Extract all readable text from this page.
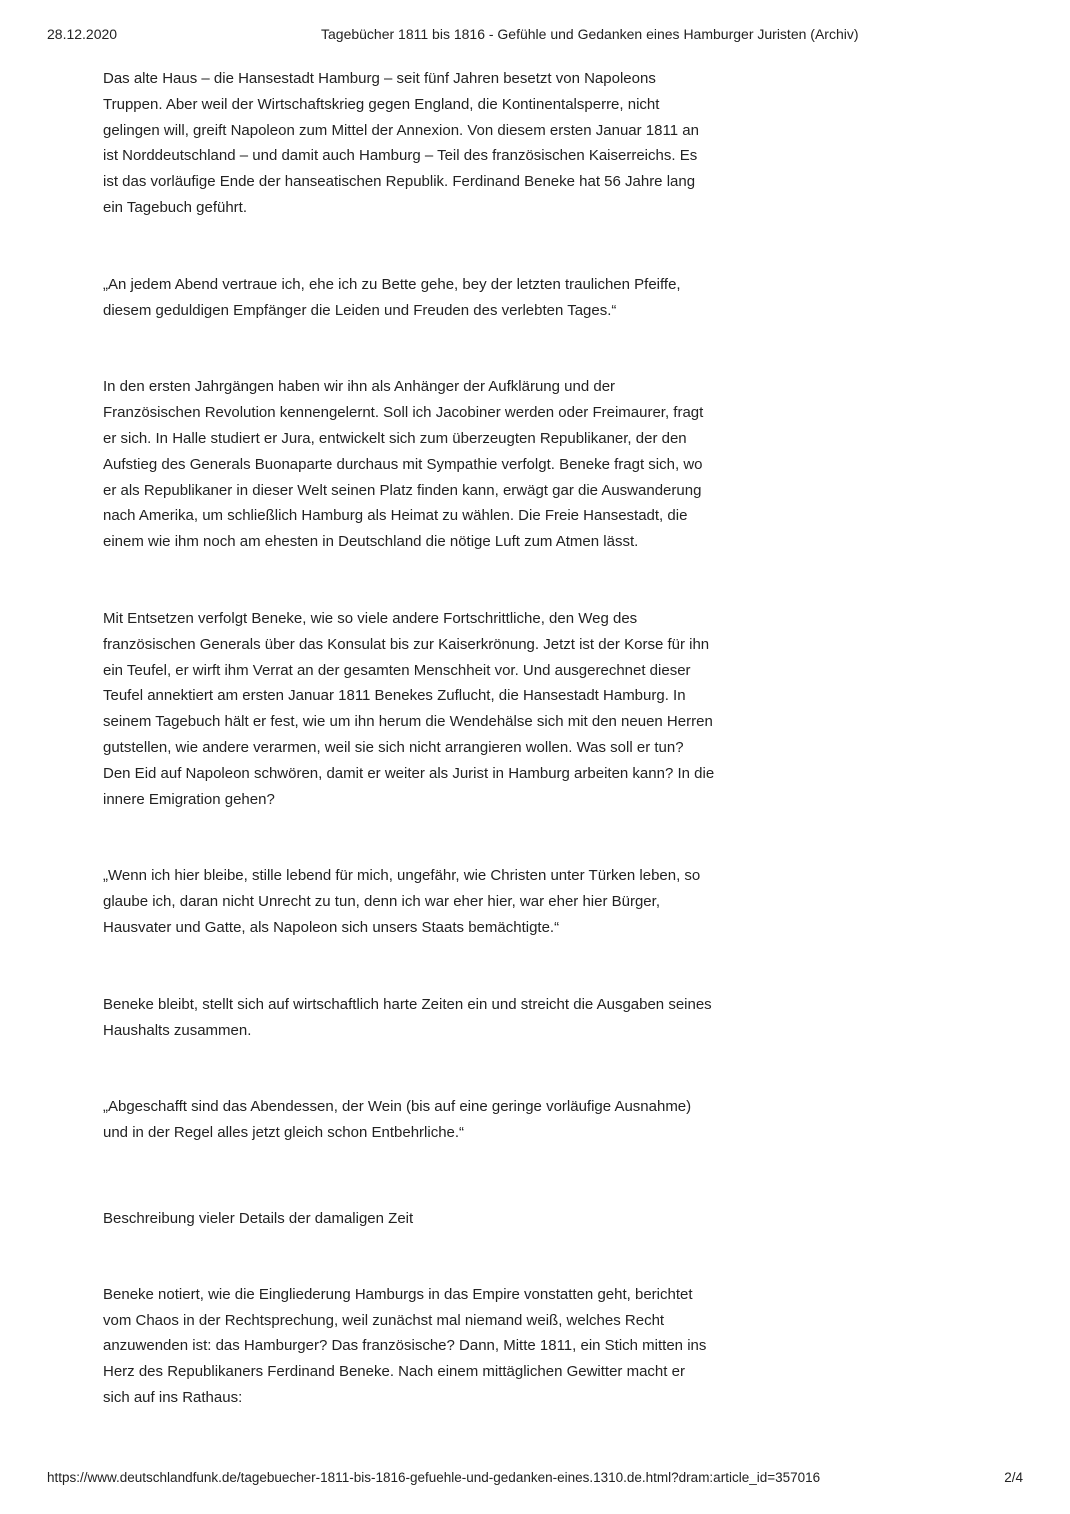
28.12.2020	Tagebücher 1811 bis 1816 - Gefühle und Gedanken eines Hamburger Juristen (Archiv)

Das alte Haus – die Hansestadt Hamburg – seit fünf Jahren besetzt von Napoleons Truppen. Aber weil der Wirtschaftskrieg gegen England, die Kontinentalsperre, nicht gelingen will, greift Napoleon zum Mittel der Annexion. Von diesem ersten Januar 1811 an ist Norddeutschland – und damit auch Hamburg – Teil des französischen Kaiserreichs. Es ist das vorläufige Ende der hanseatischen Republik. Ferdinand Beneke hat 56 Jahre lang ein Tagebuch geführt.

„An jedem Abend vertraue ich, ehe ich zu Bette gehe, bey der letzten traulichen Pfeiffe, diesem geduldigen Empfänger die Leiden und Freuden des verlebten Tages.“

In den ersten Jahrgängen haben wir ihn als Anhänger der Aufklärung und der Französischen Revolution kennengelernt. Soll ich Jacobiner werden oder Freimaurer, fragt er sich. In Halle studiert er Jura, entwickelt sich zum überzeugten Republikaner, der den Aufstieg des Generals Buonaparte durchaus mit Sympathie verfolgt. Beneke fragt sich, wo er als Republikaner in dieser Welt seinen Platz finden kann, erwägt gar die Auswanderung nach Amerika, um schließlich Hamburg als Heimat zu wählen. Die Freie Hansestadt, die einem wie ihm noch am ehesten in Deutschland die nötige Luft zum Atmen lässt.

Mit Entsetzen verfolgt Beneke, wie so viele andere Fortschrittliche, den Weg des französischen Generals über das Konsulat bis zur Kaiserkrönung. Jetzt ist der Korse für ihn ein Teufel, er wirft ihm Verrat an der gesamten Menschheit vor. Und ausgerechnet dieser Teufel annektiert am ersten Januar 1811 Benekes Zuflucht, die Hansestadt Hamburg. In seinem Tagebuch hält er fest, wie um ihn herum die Wendehälse sich mit den neuen Herren gutstellen, wie andere verarmen, weil sie sich nicht arrangieren wollen. Was soll er tun? Den Eid auf Napoleon schwören, damit er weiter als Jurist in Hamburg arbeiten kann? In die innere Emigration gehen?

„Wenn ich hier bleibe, stille lebend für mich, ungefähr, wie Christen unter Türken leben, so glaube ich, daran nicht Unrecht zu tun, denn ich war eher hier, war eher hier Bürger, Hausvater und Gatte, als Napoleon sich unsers Staats bemächtigte.“

Beneke bleibt, stellt sich auf wirtschaftlich harte Zeiten ein und streicht die Ausgaben seines Haushalts zusammen.

„Abgeschafft sind das Abendessen, der Wein (bis auf eine geringe vorläufige Ausnahme) und in der Regel alles jetzt gleich schon Entbehrliche.“

Beschreibung vieler Details der damaligen Zeit

Beneke notiert, wie die Eingliederung Hamburgs in das Empire vonstatten geht, berichtet vom Chaos in der Rechtsprechung, weil zunächst mal niemand weiß, welches Recht anzuwenden ist: das Hamburger? Das französische? Dann, Mitte 1811, ein Stich mitten ins Herz des Republikaners Ferdinand Beneke. Nach einem mittäglichen Gewitter macht er sich auf ins Rathaus:

https://www.deutschlandfunk.de/tagebuecher-1811-bis-1816-gefuehle-und-gedanken-eines.1310.de.html?dram:article_id=357016	2/4
